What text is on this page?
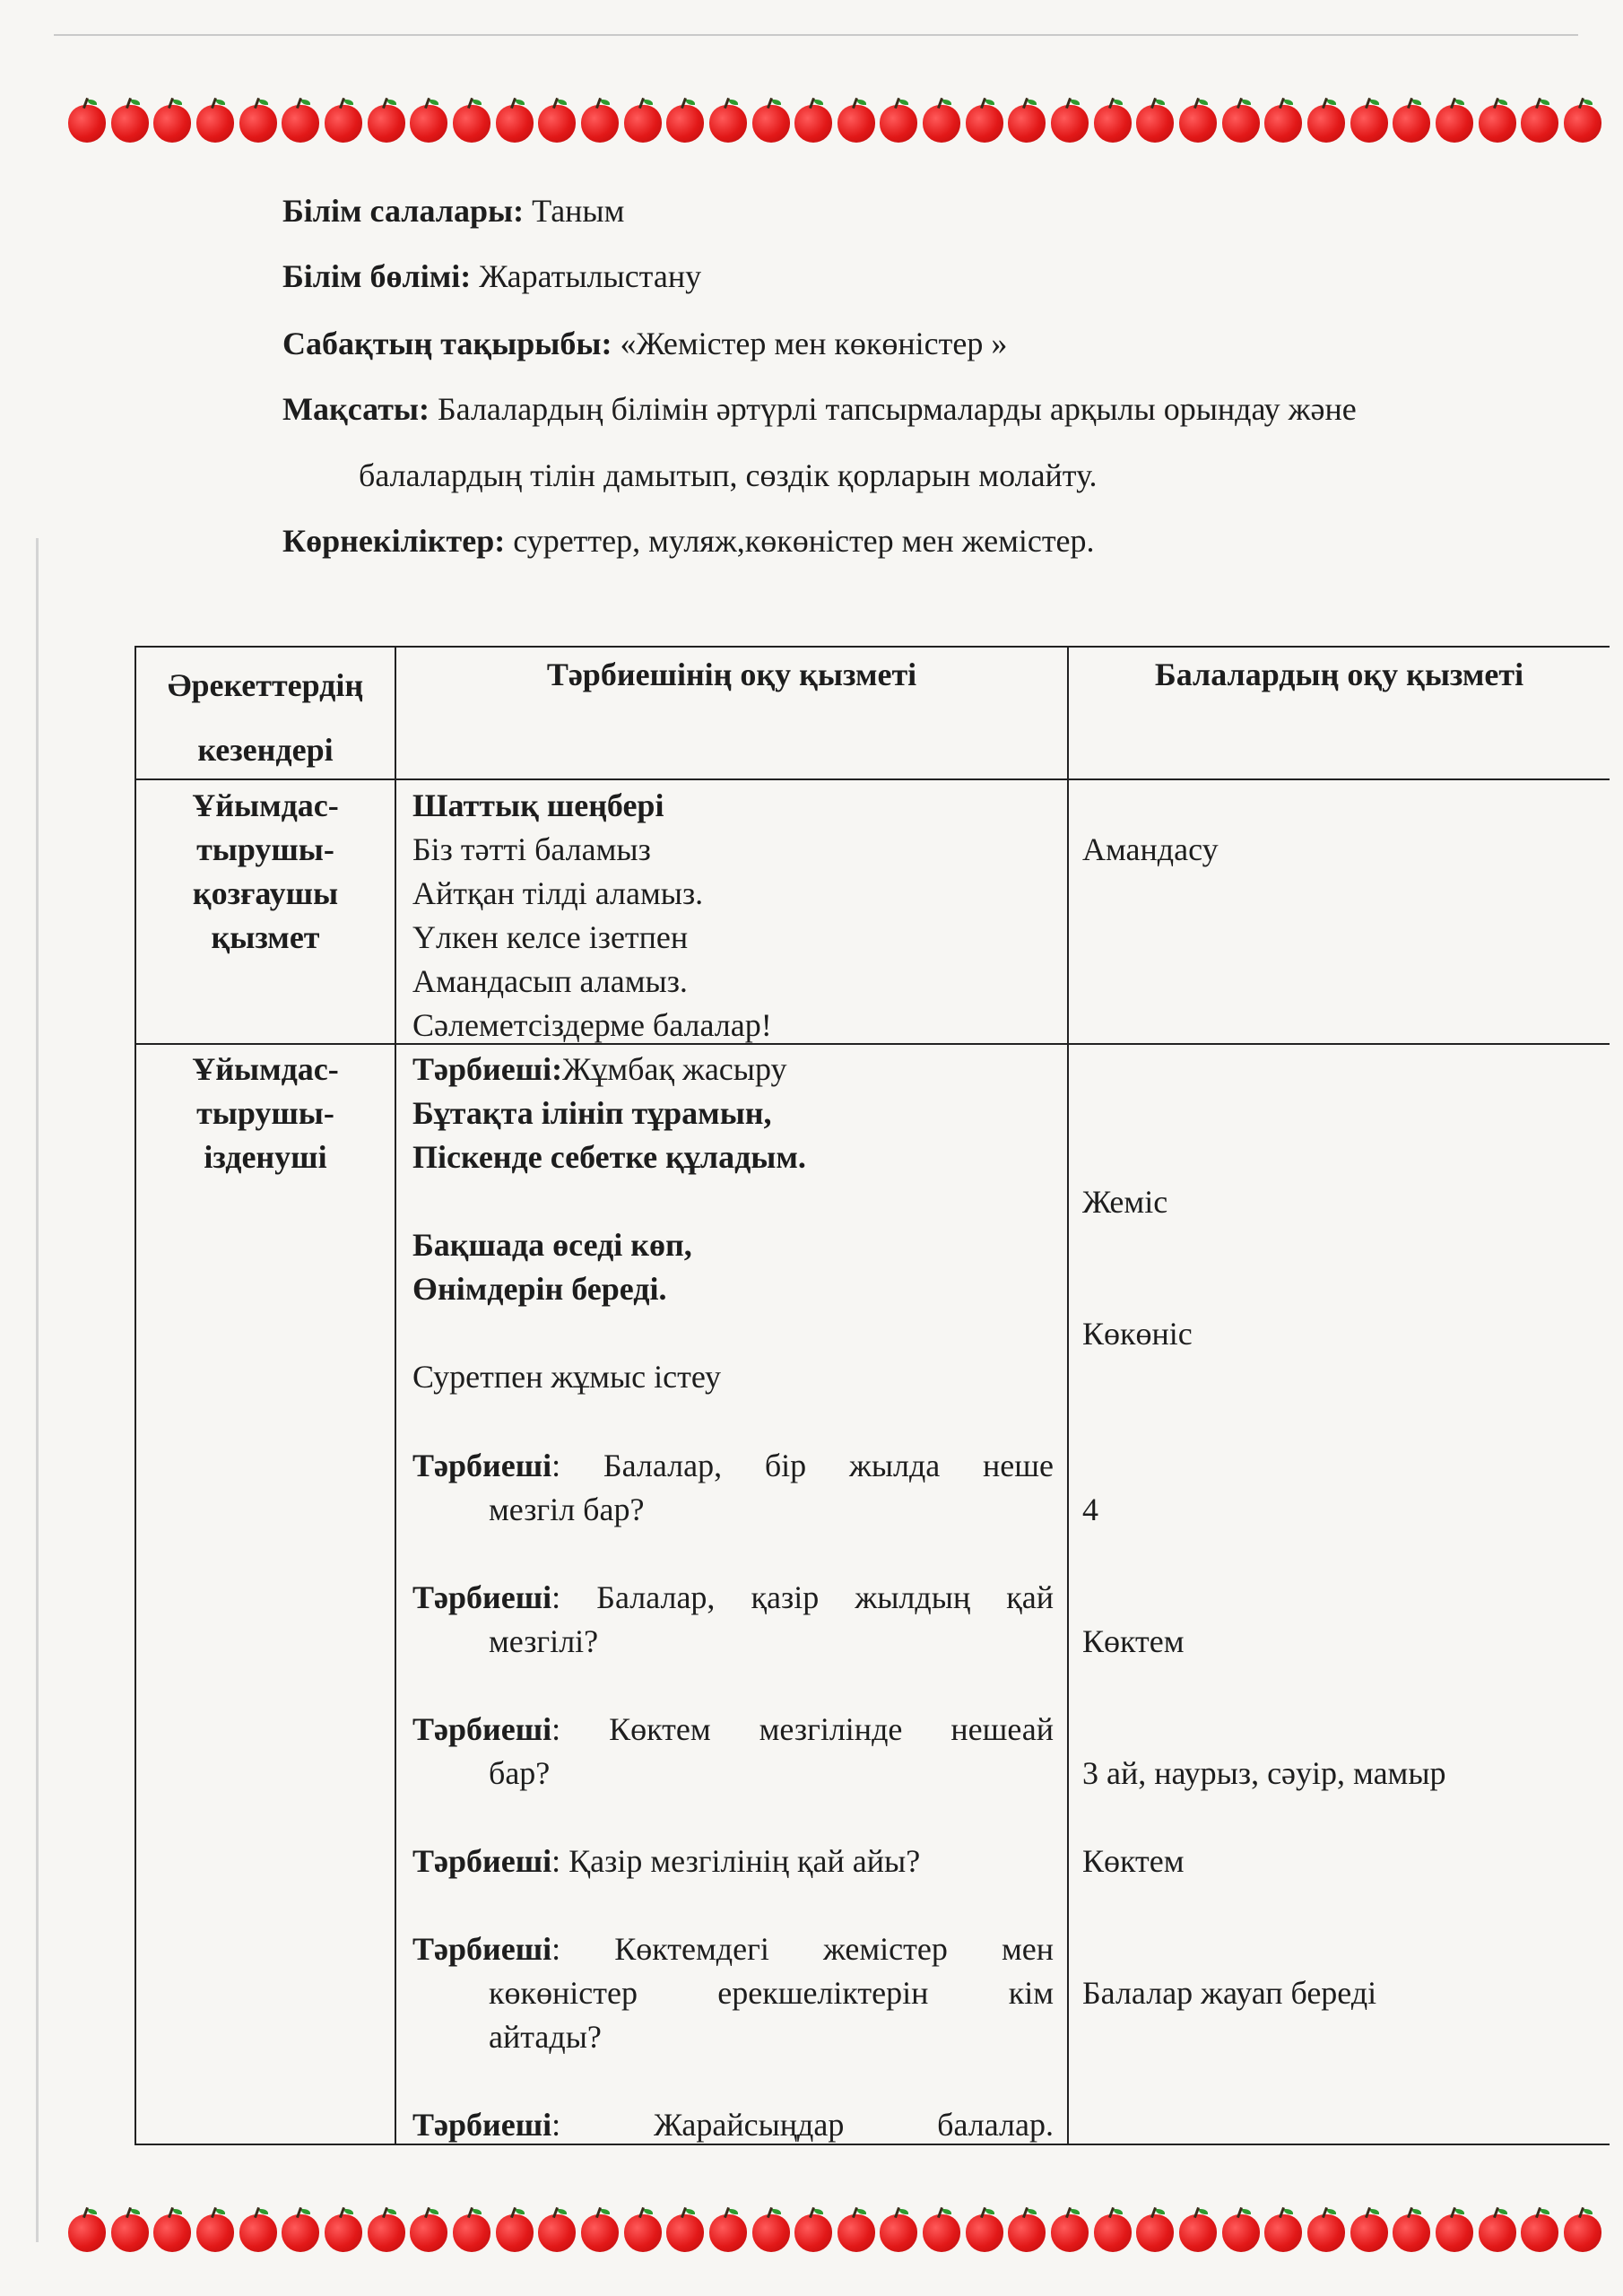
Білім салалары: Таным
Білім бөлімі: Жаратылыстану
Сабақтың тақырыбы: «Жемістер мен көкөністер »
Мақсаты: Балалардың білімін әртүрлі тапсырмаларды арқылы орындау және
балалардың тілін дамытып, сөздік қорларын молайту.
Көрнекіліктер: суреттер, муляж,көкөністер мен жемістер.
Әрекеттердің
кезендері
Тәрбиешінің оқу қызметі	Балалардың оқу қызметі
Ұйымдас-
тырушы-
қозғаушы
қызмет
Шаттық шеңбері
Біз тәтті баламыз
Айтқан тілді аламыз.
Үлкен келсе ізетпен
Амандасып аламыз.
Сәлеметсіздерме балалар!
Амандасу
Ұйымдас-
тырушы-
ізденуші
Тәрбиеші:Жұмбақ жасыру
Бұтақта ілініп тұрамын,
Піскенде себетке құладым.
Бақшада өседі көп,
Өнімдерін береді.
Суретпен жұмыс істеу
Тәрбиеші: Балалар, бір жылда неше
мезгіл бар?
Тәрбиеші: Балалар, қазір жылдың қай
мезгілі?
Тәрбиеші: Көктем мезгілінде нешеай
бар?
Тәрбиеші: Қазір мезгілінің қай айы?
Тәрбиеші: Көктемдегі жемістер мен
көкөністер ерекшеліктерін кім
айтады?
Тәрбиеші: Жарайсыңдар балалар.
Жеміс
Көкөніс
4
Көктем
3 ай, наурыз, сәуір, мамыр
Көктем
Балалар жауап береді
